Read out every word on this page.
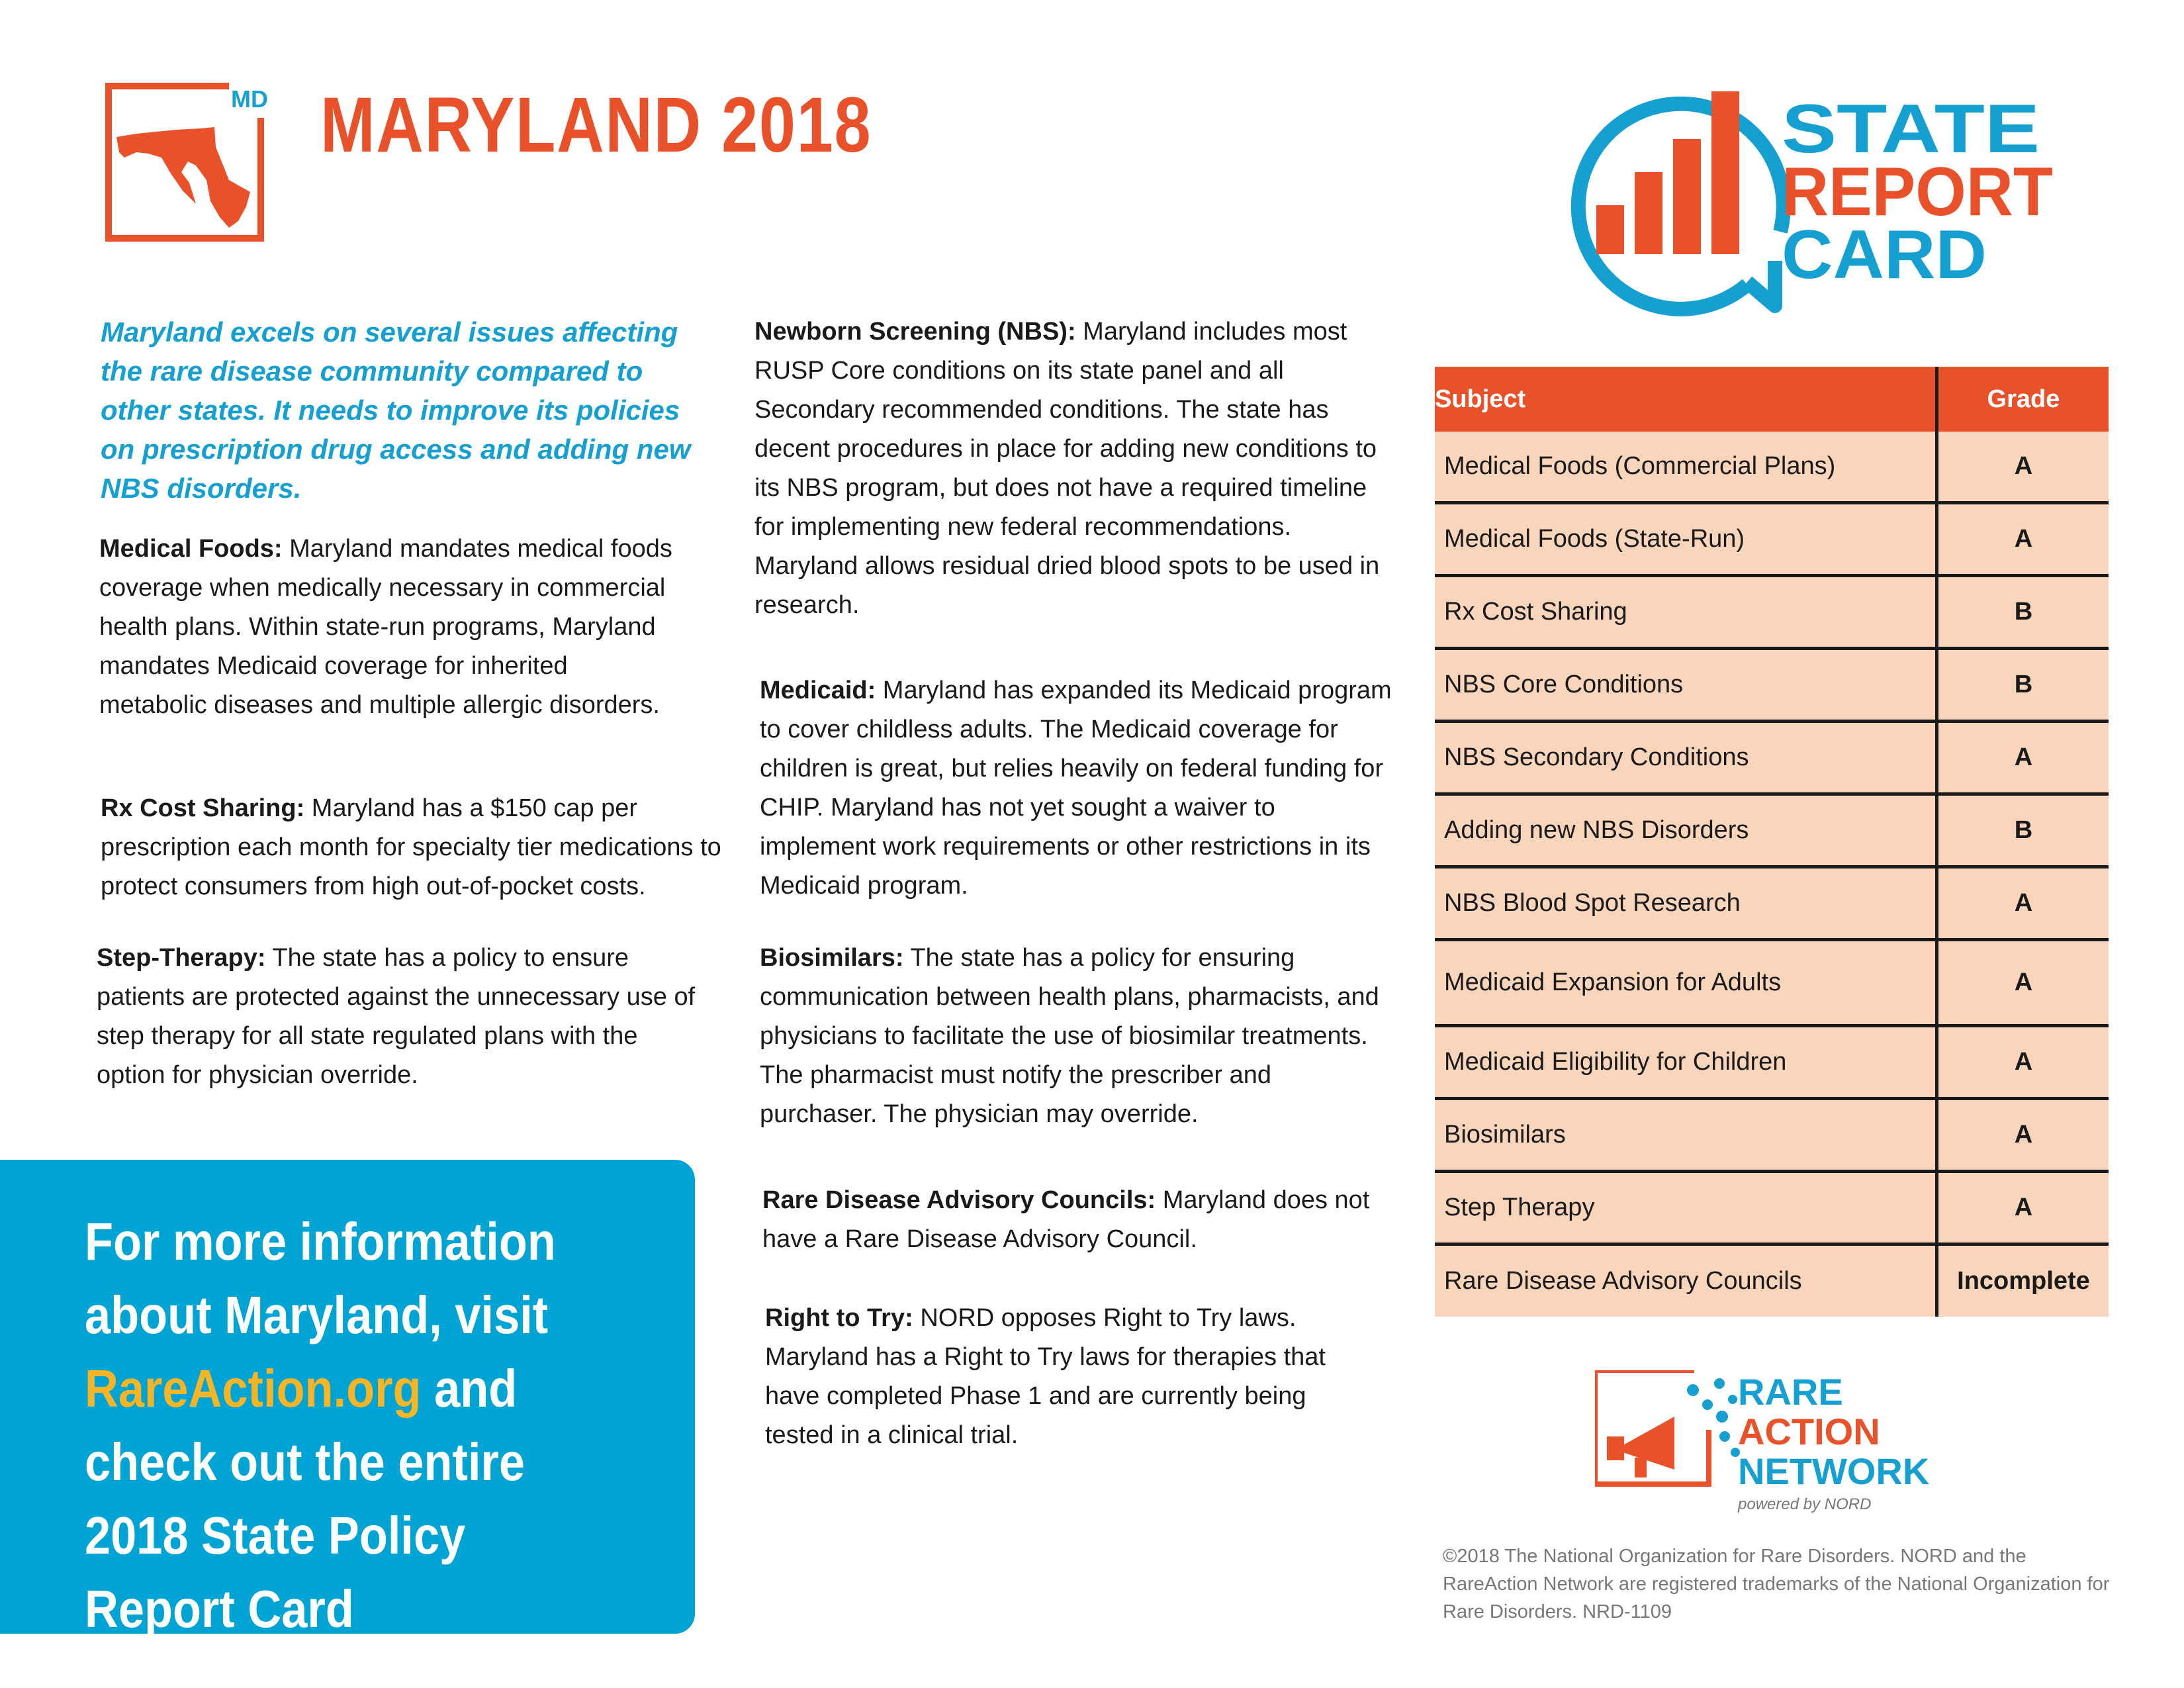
MD MARYLAND 2018	STATE
REPORT
CARD
Maryland excels on several issues affecting the rare disease community compared to other states. It needs to improve its policies on prescription drug access and adding new NBS disorders.
Medical Foods: Maryland mandates medical foods coverage when medically necessary in commercial health plans. Within state-run programs, Maryland mandates Medicaid coverage for inherited metabolic diseases and multiple allergic disorders.
Rx Cost Sharing: Maryland has a $150 cap per prescription each month for specialty tier medications to protect consumers from high out-of-pocket costs.
Step-Therapy: The state has a policy to ensure patients are protected against the unnecessary use of step therapy for all state regulated plans with the option for physician override.
For more information about Maryland, visit RareAction.org and check out the entire 2018 State Policy Report Card
Newborn Screening (NBS): Maryland includes most RUSP Core conditions on its state panel and all Secondary recommended conditions. The state has decent procedures in place for adding new conditions to its NBS program, but does not have a required timeline for implementing new federal recommendations. Maryland allows residual dried blood spots to be used in research.
Medicaid: Maryland has expanded its Medicaid program to cover childless adults. The Medicaid coverage for children is great, but relies heavily on federal funding for CHIP. Maryland has not yet sought a waiver to implement work requirements or other restrictions in its Medicaid program.
Biosimilars: The state has a policy for ensuring communication between health plans, pharmacists, and physicians to facilitate the use of biosimilar treatments. The pharmacist must notify the prescriber and purchaser. The physician may override.
Rare Disease Advisory Councils: Maryland does not have a Rare Disease Advisory Council.
Right to Try: NORD opposes Right to Try laws. Maryland has a Right to Try laws for therapies that have completed Phase 1 and are currently being tested in a clinical trial.
Subject	Grade
Medical Foods (Commercial Plans)	A
Medical Foods (State-Run)	A
Rx Cost Sharing	B
NBS Core Conditions	B
NBS Secondary Conditions	A
Adding new NBS Disorders	B
NBS Blood Spot Research	A
Medicaid Expansion for Adults	A
Medicaid Eligibility for Children	A
Biosimilars	A
Step Therapy	A
Rare Disease Advisory Councils	Incomplete
RARE
ACTION
NETWORK
powered by NORD
©2018 The National Organization for Rare Disorders. NORD and the RareAction Network are registered trademarks of the National Organization for Rare Disorders. NRD-1109
